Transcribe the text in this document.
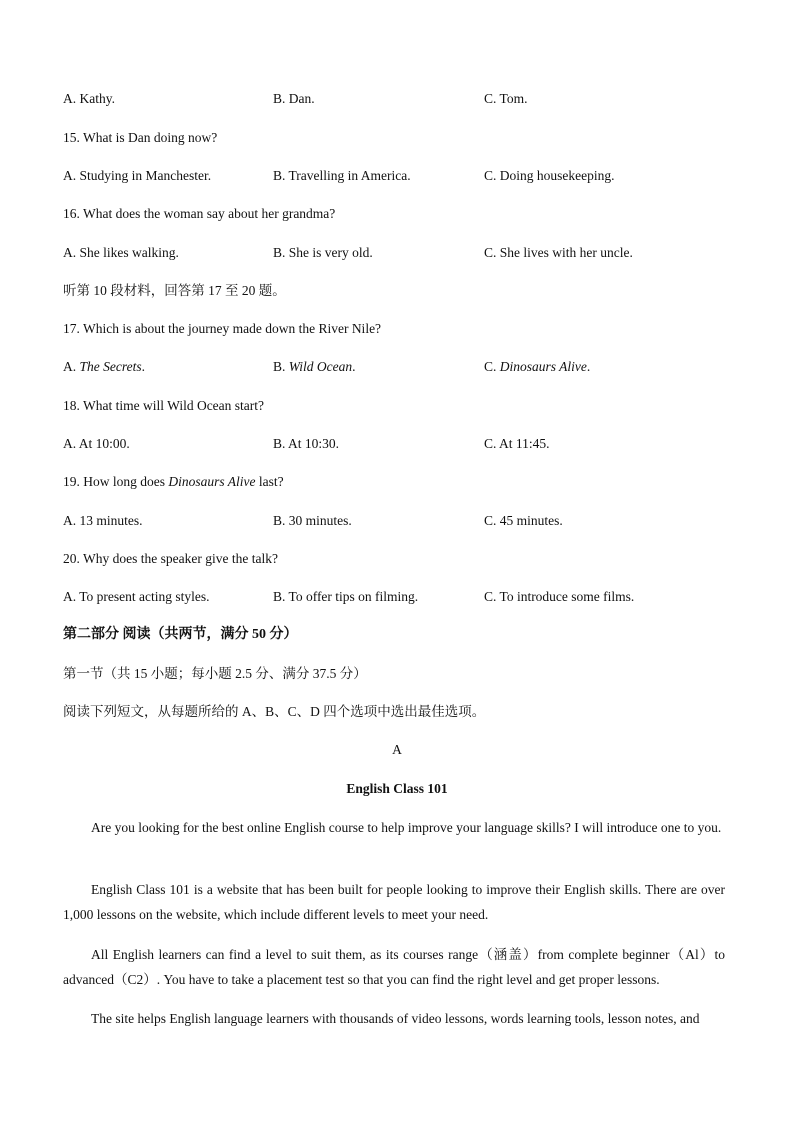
A. Kathy.	B. Dan.	C. Tom.
15. What is Dan doing now?
A. Studying in Manchester.	B. Travelling in America.	C. Doing housekeeping.
16. What does the woman say about her grandma?
A. She likes walking.	B. She is very old.	C. She lives with her uncle.
听第 10 段材料，回答第 17 至 20 题。
17. Which is about the journey made down the River Nile?
A. The Secrets.	B. Wild Ocean.	C. Dinosaurs Alive.
18. What time will Wild Ocean start?
A. At 10:00.	B. At 10:30.	C. At 11:45.
19. How long does Dinosaurs Alive last?
A. 13 minutes.	B. 30 minutes.	C. 45 minutes.
20. Why does the speaker give the talk?
A. To present acting styles.	B. To offer tips on filming.	C. To introduce some films.
第二部分 阅读（共两节，满分 50 分）
第一节（共 15 小题；每小题 2.5 分、满分 37.5 分）
阅读下列短文，从每题所给的 A、B、C、D 四个选项中选出最佳选项。
A
English Class 101
Are you looking for the best online English course to help improve your language skills? I will introduce one to you.
English Class 101 is a website that has been built for people looking to improve their English skills. There are over 1,000 lessons on the website, which include different levels to meet your need.
All English learners can find a level to suit them, as its courses range（涵盖）from complete beginner（Al）to advanced（C2）. You have to take a placement test so that you can find the right level and get proper lessons.
The site helps English language learners with thousands of video lessons, words learning tools, lesson notes, and
